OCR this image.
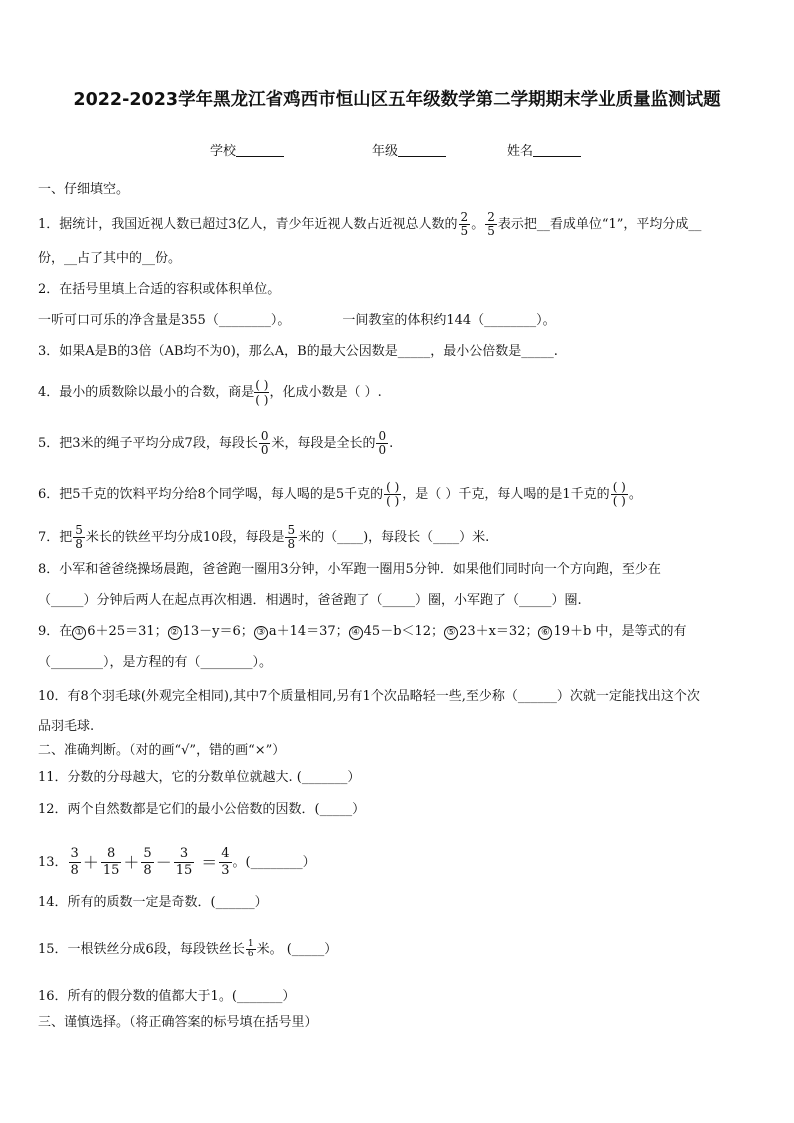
2022-2023学年黑龙江省鸡西市恒山区五年级数学第二学期期末学业质量监测试题
学校	年级	姓名
一、仔细填空。
1．据统计，我国近视人数已超过3亿人，青少年近视人数占近视总人数的 $\frac{2}{5}$ 。 $\frac{2}{5}$ 表示把__看成单位“1”，平均分成__
份，__占了其中的__份。
2．在括号里填上合适的容积或体积单位。
一听可口可乐的净含量是355（________）。	一间教室的体积约144（________）。
3．如果A是B的3倍（AB均不为0)，那么A，B的最大公因数是_____，最小公倍数是_____.
4．最小的质数除以最小的合数，商是 $\frac{( )}{( )}$ ，化成小数是（ ）.
5．把3米的绳子平均分成7段，每段长 $\frac{0}{0}$ 米，每段是全长的 $\frac{0}{0}$ .
6．把5千克的饮料平均分给8个同学喝，每人喝的是5千克的 $\frac{( )}{( )}$ ，是（ ）千克，每人喝的是1千克的 $\frac{( )}{( )}$ 。
7．把 $\frac{5}{8}$ 米长的铁丝平均分成10段，每段是 $\frac{5}{8}$ 米的（____)，每段长（____）米.
8．小军和爸爸绕操场晨跑，爸爸跑一圈用3分钟，小军跑一圈用5分钟．如果他们同时向一个方向跑，至少在
（_____）分钟后两人在起点再次相遇．相遇时，爸爸跑了（_____）圈，小军跑了（_____）圈.
9．在 ① 6＋25＝31； ② 13－y＝6； ③ a＋14＝37； ④ 45－b＜12； ⑤ 23＋x＝32； ⑥ 19＋b 中，是等式的有
（________），是方程的有（________）。
10．有8个羽毛球(外观完全相同),其中7个质量相同,另有1个次品略轻一些,至少称（______）次就一定能找出这个次
品羽毛球.
二、准确判断。（对的画“√”，错的画“×”）
11．分数的分母越大，它的分数单位就越大. (_______）
12．两个自然数都是它们的最小公倍数的因数．(_____）
13． $\frac{3}{8} + \frac{8}{15} + \frac{5}{8} - \frac{3}{15} = \frac{4}{3}$ 。(________）
14．所有的质数一定是奇数．(______）
15．一根铁丝分成6段，每段铁丝长 $\frac{1}{6}$ 米。 (_____）
16．所有的假分数的值都大于1。(_______）
三、谨慎选择。（将正确答案的标号填在括号里）
